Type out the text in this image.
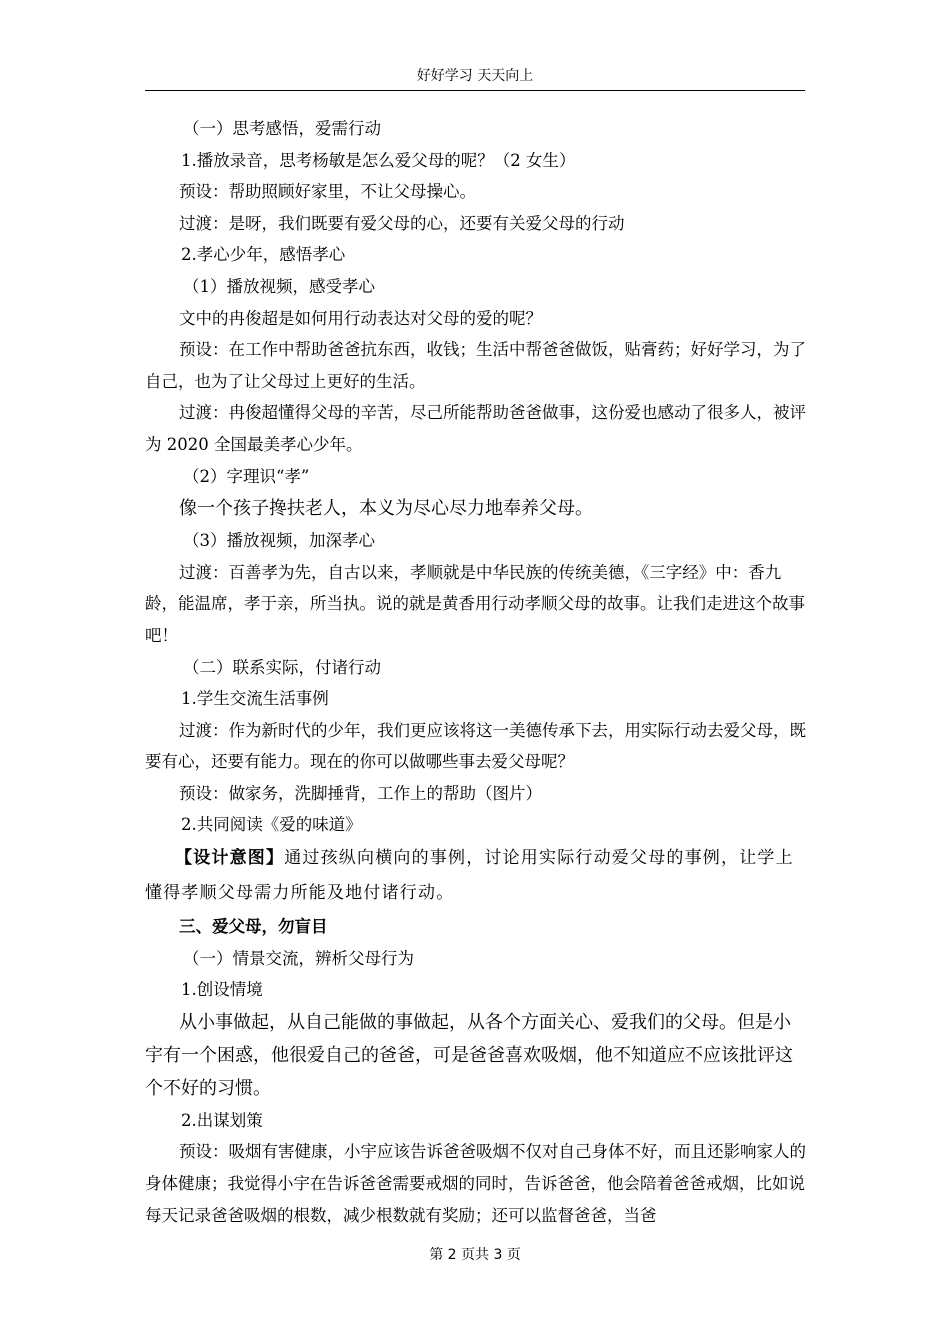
好好学习 天天向上

（一）思考感悟，爱需行动

1.播放录音，思考杨敏是怎么爱父母的呢？（2 女生）

预设：帮助照顾好家里，不让父母操心。

过渡：是呀，我们既要有爱父母的心，还要有关爱父母的行动

2.孝心少年，感悟孝心

（1）播放视频，感受孝心

文中的冉俊超是如何用行动表达对父母的爱的呢？

预设：在工作中帮助爸爸抗东西，收钱；生活中帮爸爸做饭，贴膏药；好好学习，为了自己，也为了让父母过上更好的生活。

过渡：冉俊超懂得父母的辛苦，尽己所能帮助爸爸做事，这份爱也感动了很多人，被评为 2020 全国最美孝心少年。

（2）字理识“孝”

像一个孩子搀扶老人，本义为尽心尽力地奉养父母。

（3）播放视频，加深孝心

过渡：百善孝为先，自古以来，孝顺就是中华民族的传统美德，《三字经》中：香九龄，能温席，孝于亲，所当执。说的就是黄香用行动孝顺父母的故事。让我们走进这个故事吧！

（二）联系实际，付诸行动

1.学生交流生活事例

过渡：作为新时代的少年，我们更应该将这一美德传承下去，用实际行动去爱父母，既要有心，还要有能力。现在的你可以做哪些事去爱父母呢？

预设：做家务，洗脚捶背，工作上的帮助（图片）

2.共同阅读《爱的味道》

【设计意图】通过孩纵向横向的事例，讨论用实际行动爱父母的事例，让学上懂得孝顺父母需力所能及地付诸行动。

三、爱父母，勿盲目

（一）情景交流，辨析父母行为

1.创设情境

从小事做起，从自己能做的事做起，从各个方面关心、爱我们的父母。但是小宇有一个困惑，他很爱自己的爸爸，可是爸爸喜欢吸烟，他不知道应不应该批评这个不好的习惯。

2.出谋划策

预设：吸烟有害健康，小宇应该告诉爸爸吸烟不仅对自己身体不好，而且还影响家人的身体健康；我觉得小宇在告诉爸爸需要戒烟的同时，告诉爸爸，他会陪着爸爸戒烟，比如说每天记录爸爸吸烟的根数，减少根数就有奖励；还可以监督爸爸，当爸

第 2 页共 3 页
